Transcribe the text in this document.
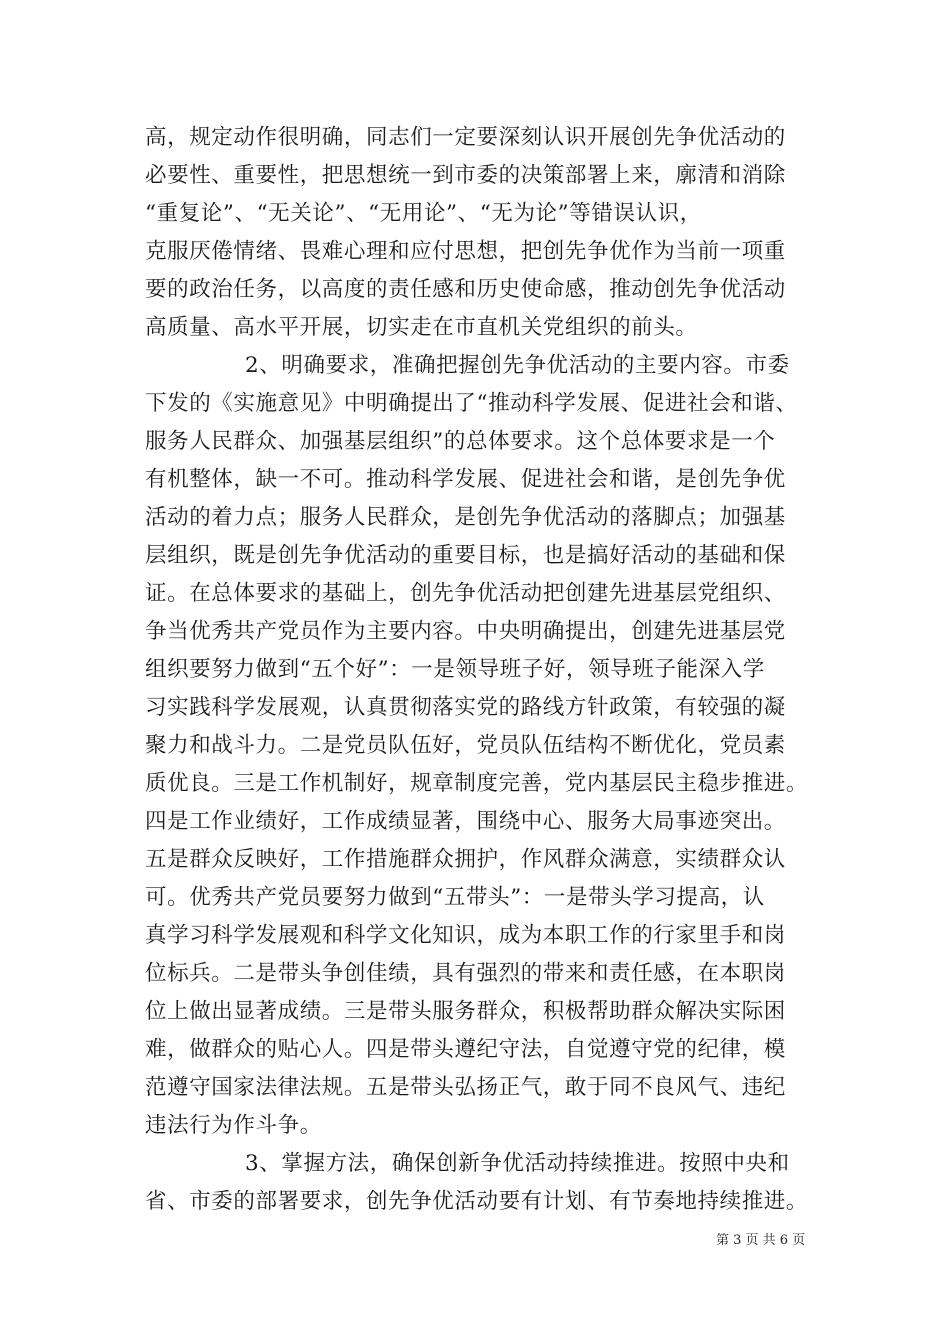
高，规定动作很明确，同志们一定要深刻认识开展创先争优活动的
必要性、重要性，把思想统一到市委的决策部署上来，廓清和消除
“重复论”、“无关论”、“无用论”、“无为论”等错误认识，
克服厌倦情绪、畏难心理和应付思想，把创先争优作为当前一项重
要的政治任务，以高度的责任感和历史使命感，推动创先争优活动
高质量、高水平开展，切实走在市直机关党组织的前头。
2、明确要求，准确把握创先争优活动的主要内容。市委
下发的《实施意见》中明确提出了“推动科学发展、促进社会和谐、
服务人民群众、加强基层组织”的总体要求。这个总体要求是一个
有机整体，缺一不可。推动科学发展、促进社会和谐，是创先争优
活动的着力点；服务人民群众，是创先争优活动的落脚点；加强基
层组织，既是创先争优活动的重要目标，也是搞好活动的基础和保
证。在总体要求的基础上，创先争优活动把创建先进基层党组织、
争当优秀共产党员作为主要内容。中央明确提出，创建先进基层党
组织要努力做到“五个好”：一是领导班子好，领导班子能深入学
习实践科学发展观，认真贯彻落实党的路线方针政策，有较强的凝
聚力和战斗力。二是党员队伍好，党员队伍结构不断优化，党员素
质优良。三是工作机制好，规章制度完善，党内基层民主稳步推进。
四是工作业绩好，工作成绩显著，围绕中心、服务大局事迹突出。
五是群众反映好，工作措施群众拥护，作风群众满意，实绩群众认
可。优秀共产党员要努力做到“五带头”：一是带头学习提高，认
真学习科学发展观和科学文化知识，成为本职工作的行家里手和岗
位标兵。二是带头争创佳绩，具有强烈的带来和责任感，在本职岗
位上做出显著成绩。三是带头服务群众，积极帮助群众解决实际困
难，做群众的贴心人。四是带头遵纪守法，自觉遵守党的纪律，模
范遵守国家法律法规。五是带头弘扬正气，敢于同不良风气、违纪
违法行为作斗争。
3、掌握方法，确保创新争优活动持续推进。按照中央和
省、市委的部署要求，创先争优活动要有计划、有节奏地持续推进。
第 3 页 共 6 页
